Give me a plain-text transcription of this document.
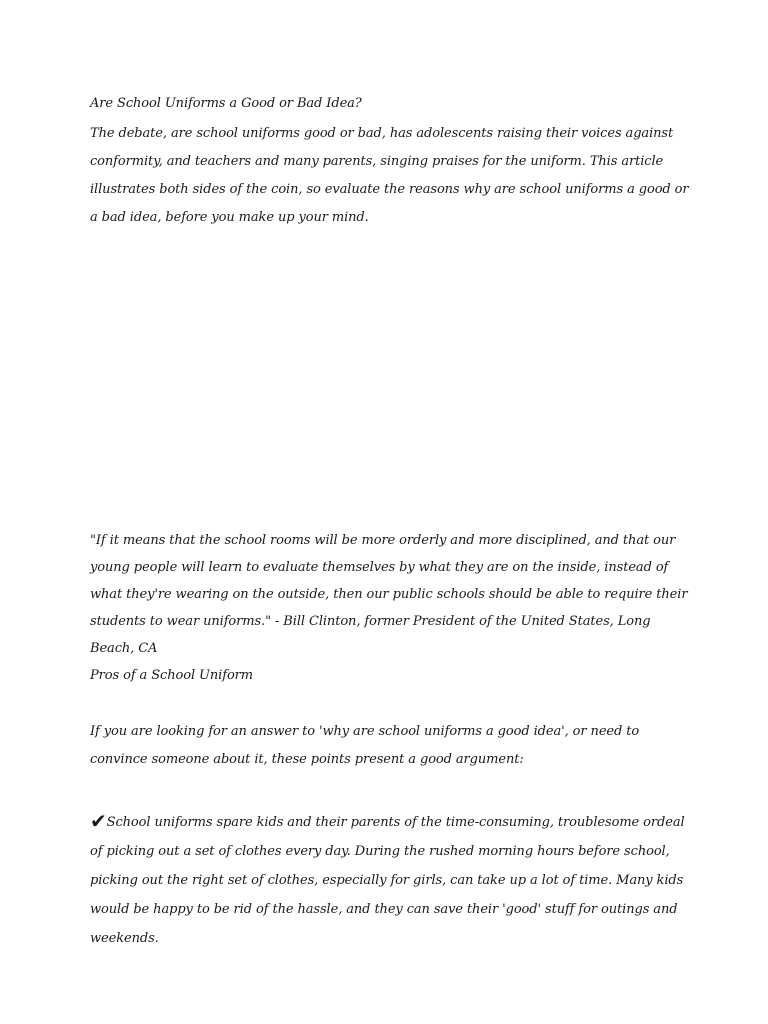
Are School Uniforms a Good or Bad Idea?
The debate, are school uniforms good or bad, has adolescents raising their voices against conformity, and teachers and many parents, singing praises for the uniform. This article illustrates both sides of the coin, so evaluate the reasons why are school uniforms a good or a bad idea, before you make up your mind.
"If it means that the school rooms will be more orderly and more disciplined, and that our young people will learn to evaluate themselves by what they are on the inside, instead of what they're wearing on the outside, then our public schools should be able to require their students to wear uniforms." - Bill Clinton, former President of the United States, Long Beach, CA
Pros of a School Uniform
If you are looking for an answer to 'why are school uniforms a good idea', or need to convince someone about it, these points present a good argument:
✔School uniforms spare kids and their parents of the time-consuming, troublesome ordeal of picking out a set of clothes every day. During the rushed morning hours before school, picking out the right set of clothes, especially for girls, can take up a lot of time. Many kids would be happy to be rid of the hassle, and they can save their 'good' stuff for outings and weekends.
